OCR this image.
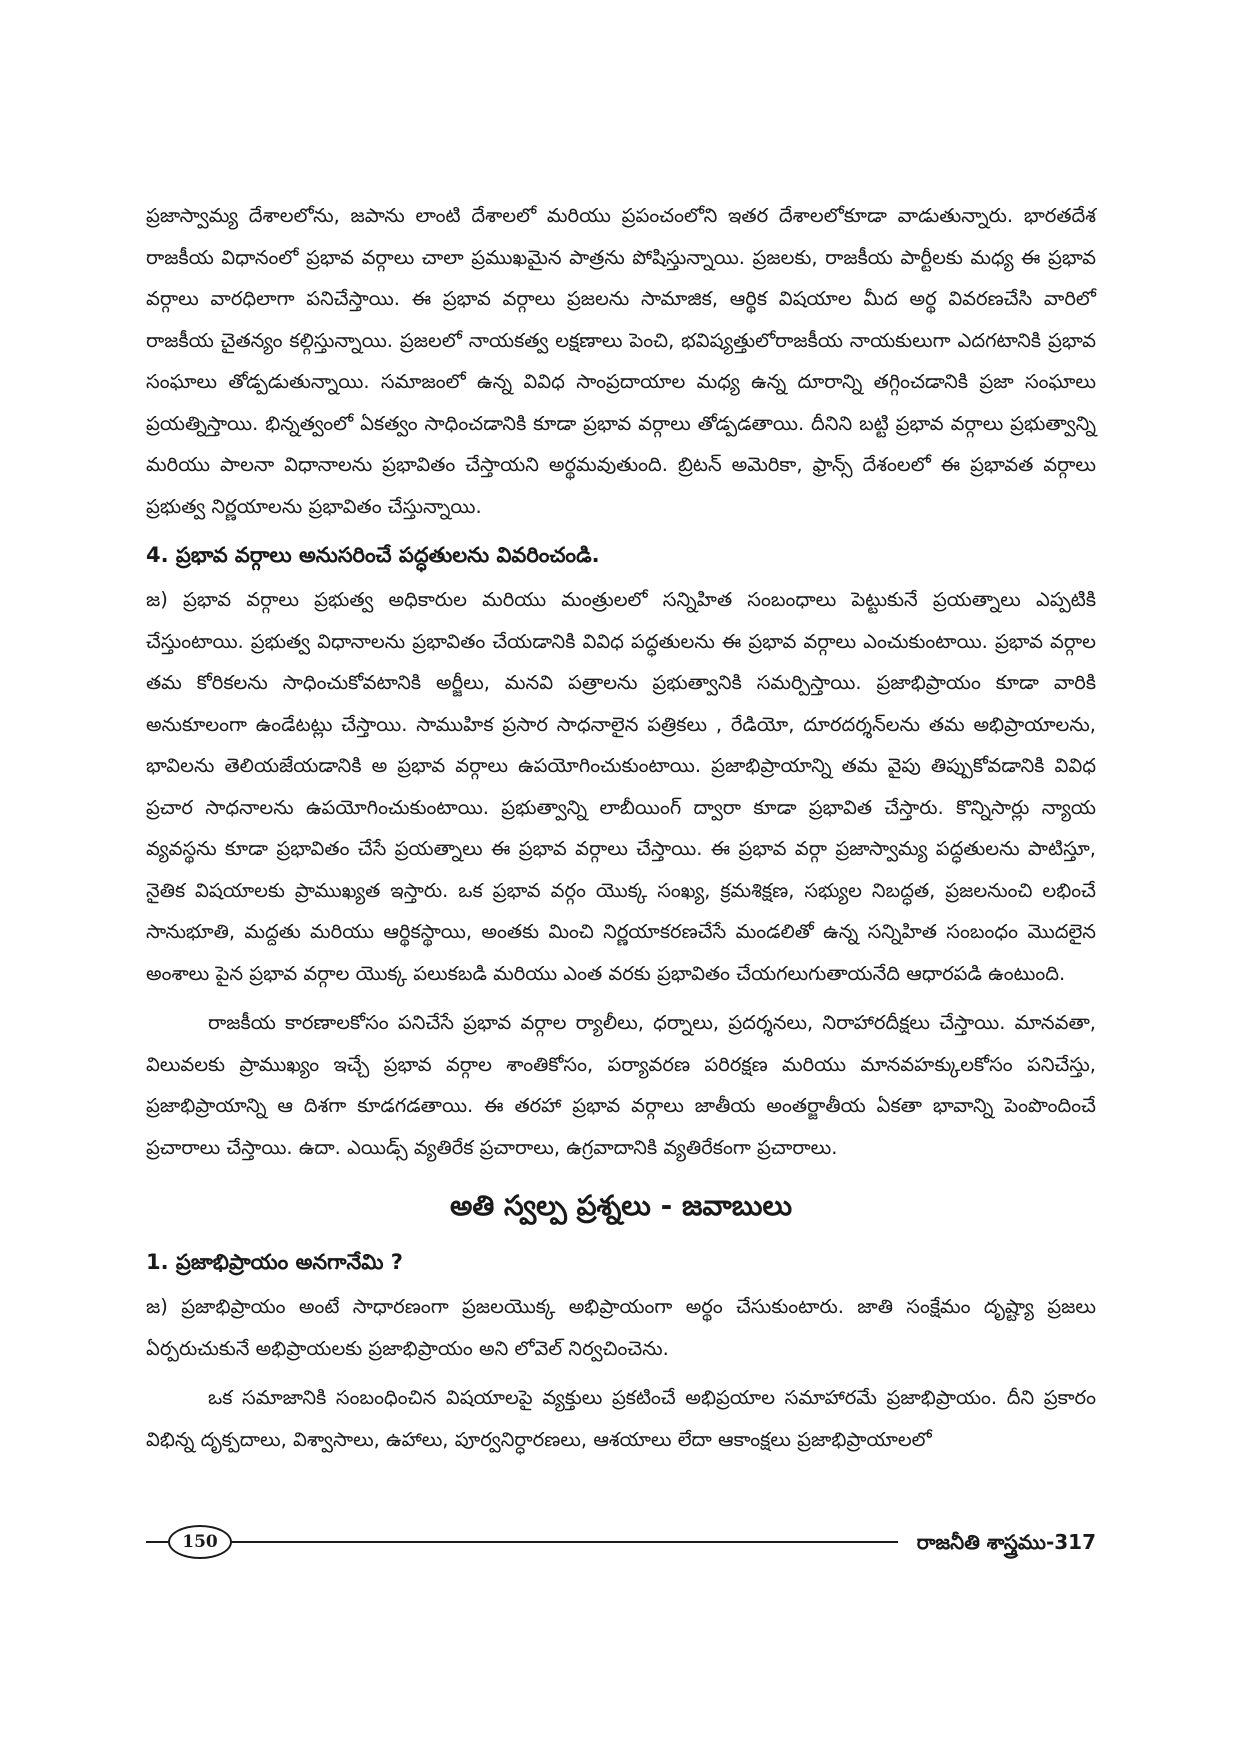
ప్రజాస్వామ్య దేశాలలోను, జపాను లాంటి దేశాలలో మరియు ప్రపంచంలోని ఇతర దేశాలలోకూడా వాడుతున్నారు. భారతదేశ రాజకీయ విధానంలో ప్రభావ వర్గాలు చాలా ప్రముఖమైన పాత్రను పోషిస్తున్నాయి. ప్రజలకు, రాజకీయ పార్టీలకు మధ్య ఈ ప్రభావ వర్గాలు వారధిలాగా పనిచేస్తాయి. ఈ ప్రభావ వర్గాలు ప్రజలను సామాజిక, ఆర్థిక విషయాల మీద అర్థ వివరణచేసి వారిలో రాజకీయ చైతన్యం కల్గిస్తున్నాయి. ప్రజలలో నాయకత్వ లక్షణాలు పెంచి, భవిష్యత్తులోరాజకీయ నాయకులుగా ఎదగటానికి ప్రభావ సంఘాలు తోడ్పడుతున్నాయి. సమాజంలో ఉన్న వివిధ సాంప్రదాయాల మధ్య ఉన్న దూరాన్ని తగ్గించడానికి ప్రజా సంఘాలు ప్రయత్నిస్తాయి. భిన్నత్వంలో ఏకత్వం సాధించడానికి కూడా ప్రభావ వర్గాలు తోడ్పడతాయి. దీనిని బట్టి ప్రభావ వర్గాలు ప్రభుత్వాన్ని మరియు పాలనా విధానాలను ప్రభావితం చేస్తాయని అర్థమవుతుంది. బ్రిటన్ అమెరికా, ఫ్రాన్స్ దేశంలలో ఈ ప్రభావత వర్గాలు ప్రభుత్వ నిర్ణయాలను ప్రభావితం చేస్తున్నాయి.

4. ప్రభావ వర్గాలు అనుసరించే పద్ధతులను వివరించండి.

జ) ప్రభావ వర్గాలు ప్రభుత్వ అధికారుల మరియు మంత్రులలో సన్నిహిత సంబంధాలు పెట్టుకునే ప్రయత్నాలు ఎప్పటికి చేస్తుంటాయి. ప్రభుత్వ విధానాలను ప్రభావితం చేయడానికి వివిధ పద్ధతులను ఈ ప్రభావ వర్గాలు ఎంచుకుంటాయి. ప్రభావ వర్గాల తమ కోరికలను సాధించుకోవటానికి అర్జీలు, మనవి పత్రాలను ప్రభుత్వానికి సమర్పిస్తాయి. ప్రజాభిప్రాయం కూడా వారికి అనుకూలంగా ఉండేటట్లు చేస్తాయి. సాముహిక ప్రసార సాధనాలైన పత్రికలు , రేడియో, దూరదర్శన్‌లను తమ అభిప్రాయాలను, భావిలను తెలియజేయడానికి అ ప్రభావ వర్గాలు ఉపయోగించుకుంటాయి. ప్రజాభిప్రాయాన్ని తమ వైపు తిప్పుకోవడానికి వివిధ ప్రచార సాధనాలను ఉపయోగించుకుంటాయి. ప్రభుత్వాన్ని లాబీయింగ్ ద్వారా కూడా ప్రభావిత చేస్తారు. కొన్నిసార్లు న్యాయ వ్యవస్థను కూడా ప్రభావితం చేసే ప్రయత్నాలు ఈ ప్రభావ వర్గాలు చేస్తాయి. ఈ ప్రభావ వర్గా ప్రజాస్వామ్య పద్ధతులను పాటిస్తూ, నైతిక విషయాలకు ప్రాముఖ్యత ఇస్తారు. ఒక ప్రభావ వర్గం యొక్క సంఖ్య, క్రమశిక్షణ, సభ్యుల నిబద్ధత, ప్రజలనుంచి లభించే సానుభూతి, మద్దతు మరియు ఆర్థికస్థాయి, అంతకు మించి నిర్ణయాకరణచేసే మండలితో ఉన్న సన్నిహిత సంబంధం మొదలైన అంశాలు పైన ప్రభావ వర్గాల యొక్క పలుకబడి మరియు ఎంత వరకు ప్రభావితం చేయగలుగుతాయనేది ఆధారపడి ఉంటుంది.

రాజకీయ కారణాలకోసం పనిచేసే ప్రభావ వర్గాల ర్యాలీలు, ధర్నాలు, ప్రదర్శనలు, నిరాహారదీక్షలు చేస్తాయి. మానవతా, విలువలకు ప్రాముఖ్యం ఇచ్చే ప్రభావ వర్గాల శాంతికోసం, పర్యావరణ పరిరక్షణ మరియు మానవహక్కులకోసం పనిచేస్తు, ప్రజాభిప్రాయాన్ని ఆ దిశగా కూడగడతాయి. ఈ తరహా ప్రభావ వర్గాలు జాతీయ అంతర్జాతీయ ఏకతా భావాన్ని పెంపొందించే ప్రచారాలు చేస్తాయి. ఉదా. ఎయిడ్స్ వ్యతిరేక ప్రచారాలు, ఉగ్రవాదానికి వ్యతిరేకంగా ప్రచారాలు.

అతి స్వల్ప ప్రశ్నలు - జవాబులు
1. ప్రజాభిప్రాయం అనగానేమి ?

జ) ప్రజాభిప్రాయం అంటే సాధారణంగా ప్రజలయొక్క అభిప్రాయంగా అర్థం చేసుకుంటారు. జాతి సంక్షేమం దృష్ట్యా ప్రజలు ఏర్పరుచుకునే అభిప్రాయలకు ప్రజాభిప్రాయం అని లోవెల్ నిర్వచించెను.

ఒక సమాజానికి సంబంధించిన విషయాలపై వ్యక్తులు ప్రకటించే అభిప్రయాల సమాహారమే ప్రజాభిప్రాయం. దీని ప్రకారం విభిన్న దృక్పదాలు, విశ్వాసాలు, ఉహాలు, పూర్వనిర్ధారణలు, ఆశయాలు లేదా ఆకాంక్షలు ప్రజాభిప్రాయాలలో

150	రాజనీతి శాస్త్రము-317
